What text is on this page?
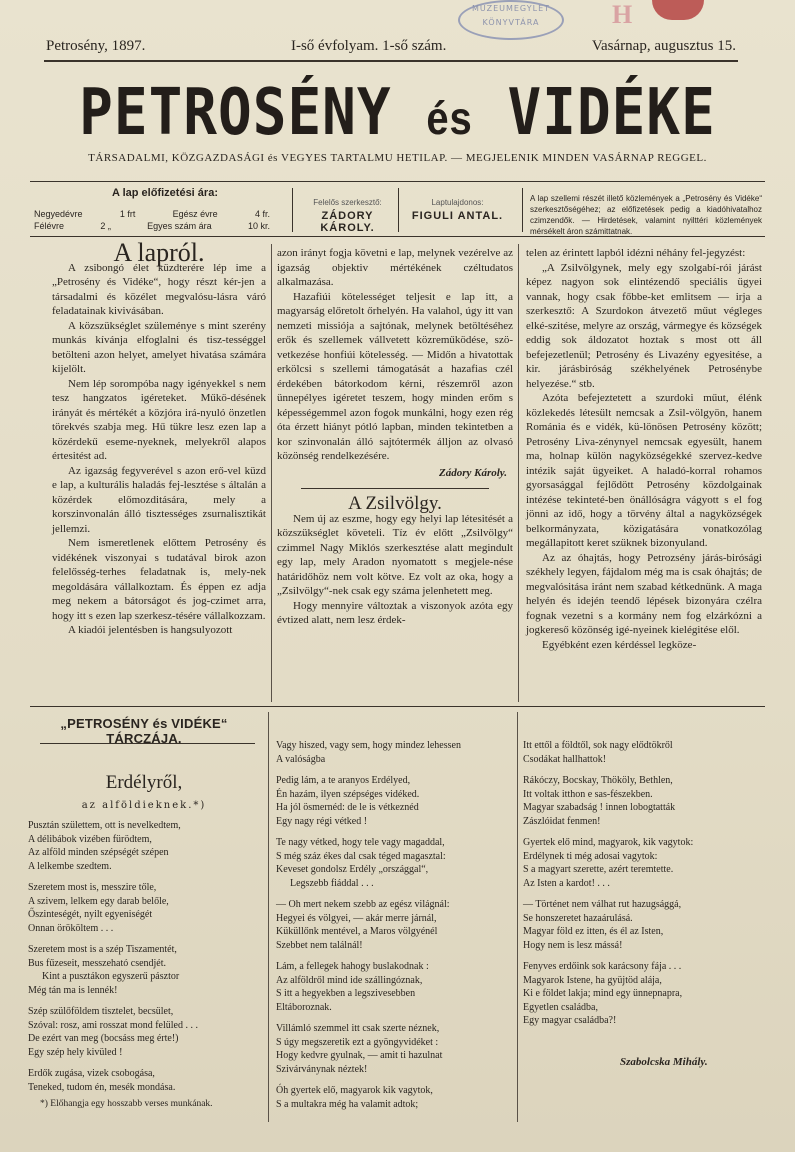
MUZEUMEGYLET KÖNYVTÁRA	H
Petrosény, 1897.	I-ső évfolyam. 1-ső szám.	Vasárnap, augusztus 15.
PETROSÉNY és VIDÉKE
TÁRSADALMI, KÖZGAZDASÁGI és VEGYES TARTALMU HETILAP. — MEGJELENIK MINDEN VASÁRNAP REGGEL.
A lap előfizetési ára:
Negyedévre	1 frt	Egész évre	4 fr.
Félévre	2 „	Egyes szám ára	10 kr.
Felelős szerkesztő:
ZÁDORY KÁROLY.
Laptulajdonos:
FIGULI ANTAL.
A lap szellemi részét illető közlemények a „Petrosény és Vidéke“ szerkesztőségéhez; az előfizetések pedig a kiadóhivatalhoz czimzendők. — Hirdetések, valamint nyilttéri közlemények mérsékelt áron számittatnak.
A lapról.

A zsibongó élet küzdterére lép ime a „Petrosény és Vidéke“, hogy részt kér-jen a társadalmi és közélet megvalósu-lásra váró feladatainak kivivásában.

A közszükséglet szüleménye s mint szerény munkás kívánja elfoglalni és tisz-tességgel betölteni azon helyet, amelyet hivatása számára kijelölt.

Nem lép sorompóba nagy igényekkel s nem tesz hangzatos igéreteket. Műkö-désének irányát és mértékét a közjóra irá-nyuló önzetlen törekvés szabja meg. Hű tükre lesz ezen lap a közérdekű eseme-nyeknek, melyekről alapos értesitést ad.

Az igazság fegyverével s azon erő-vel küzd e lap, a kulturális haladás fej-lesztése s általán a közérdek előmozditására, mely a korszinvonalán álló tisztességes zsurnalisztikát jellemzi.

Nem ismeretlenek előttem Petrosény és vidékének viszonyai s tudatával birok azon felelősség-terhes feladatnak is, mely-nek megoldására vállalkoztam. És éppen ez adja meg nekem a bátorságot és jog-czimet arra, hogy itt s ezen lap szerkesz-tésére vállalkozzam.

A kiadói jelentésben is hangsulyozott

azon irányt fogja követni e lap, melynek vezérelve az igazság objektiv mértékének czéltudatos alkalmazása.

Hazafiúi kötelességet teljesit e lap itt, a magyarság előretolt őrhelyén. Ha valahol, úgy itt van nemzeti missiója a sajtónak, melynek betöltéséhez erők és szellemek vállvetett közreműködése, szö-vetkezése honfiúi kötelesség. — Midőn a hivatottak erkölcsi s szellemi támogatását a hazafias czél érdekében bátorkodom kérni, részemről azon ünnepélyes igéretet teszem, hogy minden erőm s képességemmel azon fogok munkálni, hogy ezen rég óta érzett hiányt pótló lapban, minden tekintetben a kor szinvonalán álló sajtótermék álljon az olvasó közönség rendelkezésére.

Zádory Károly.
A Zsilvölgy.

Nem új az eszme, hogy egy helyi lap létesitését a közszükséglet követeli. Tíz év előtt „Zsilvölgy“ czimmel Nagy Miklós szerkesztése alatt megindult egy lap, mely Aradon nyomatott s megjele-nése határidőhöz nem volt kötve. Ez volt az oka, hogy a „Zsilvölgy“-nek csak egy száma jelenhetett meg.

Hogy mennyire változtak a viszonyok azóta egy évtized alatt, nem lesz érdek-

telen az érintett lapból idézni néhány fel-jegyzést:

„A Zsilvölgynek, mely egy szolgabí-rói járást képez nagyon sok elintézendő speciális ügyei vannak, hogy csak főbbe-ket emlitsem — irja a szerkesztő: A Szurdokon átvezető műut végleges elké-szitése, melyre az ország, vármegye és községek eddig sok áldozatot hoztak s most ott áll befejezetlenül; Petrosény és Livazény egyesitése, a kir. járásbiróság székhelyének Petrosénybe helyezése.“ stb.

Azóta befejeztetett a szurdoki műut, élénk közlekedés létesült nemcsak a Zsil-völgyön, hanem Románia és e vidék, kü-lönösen Petrosény között; Petrosény Liva-zénynyel nemcsak egyesült, hanem ma, holnap külön nagyközségekké szervez-kedve intézik saját ügyeiket. A haladó-korral rohamos gyorsasággal fejlődött Petrosény közdolgainak intézése tekinteté-ben önállóságra vágyott s el fog jönni az idő, hogy a törvény által a nagyközségek belkormányzata, közigatására vonatkozólag megállapitott keret szüknek bizonyuland.

Az az óhajtás, hogy Petrozsény járás-birósági székhely legyen, fájdalom még ma is csak óhajtás; de megvalósitása iránt nem szabad kétkednünk. A maga helyén és idején teendő lépések bizonyára czélra fognak vezetni s a kormány nem fog elzárkózni a jogkereső közönség igé-nyeinek kielégitése elől.

Egyébként ezen kérdéssel legköze-

„PETROSÉNY és VIDÉKE“ TÁRCZÁJA.
Erdélyről,
az alföldieknek.*)
Pusztán születtem, ott is nevelkedtem,
A délibábok vizében fürödtem,
Az alföld minden szépségét szépen
A lelkembe szedtem.
Szeretem most is, messzire tőle,
A szivem, lelkem egy darab belőle,
Őszinteségét, nyilt egyeniségét
Onnan örököltem . . .
Szeretem most is a szép Tiszamentét,
Bus fűzeseit, messzeható csendjét.
Kint a pusztákon egyszerű pásztor
Még tán ma is lennék!
Szép szülőföldem tisztelet, becsület,
Szóval: rosz, ami rosszat mond felüled . . .
De ezért van meg (bocsáss meg érte!)
Egy szép hely kivüled !
Erdők zugása, vizek csobogása,
Teneked, tudom én, mesék mondása.
Vagy hiszed, vagy sem, hogy mindez lehessen
A valóságba
Pedig lám, a te aranyos Erdélyed,
Én hazám, ilyen szépséges vidéked.
Ha jól ösmernéd: de le is vétkeznéd
Egy nagy régi vétked !
Te nagy vétked, hogy tele vagy magaddal,
S még száz ékes dal csak téged magasztal:
Keveset gondolsz Erdély „országgal“,
Legszebb fiáddal . . .
— Oh mert nekem szebb az egész világnál:
Hegyei és völgyei, — akár merre járnál,
Küküllőnk mentével, a Maros völgyénél
Szebbet nem találnál!
Lám, a fellegek hahogy buslakodnak :
Az alföldről mind ide szállingóznak,
S itt a hegyekben a legszivesebben
Eltáboroznak.
Villámló szemmel itt csak szerte néznek,
S úgy megszeretik ezt a gyöngyvidéket :
Hogy kedvre gyulnak, — amit ti hazulnat
Szivárványnak néztek!
Óh gyertek elő, magyarok kik vagytok,
S a multakra még ha valamit adtok;
Itt ettől a földtől, sok nagy elődtökről
Csodákat hallhattok!
Rákóczy, Bocskay, Thököly, Bethlen,
Itt voltak itthon e sas-fészekben.
Magyar szabadság ! innen lobogtatták
Zászlóidat fenmen!
Gyertek elő mind, magyarok, kik vagytok:
Erdélynek ti még adosai vagytok:
S a magyart szerette, azért teremtette.
Az Isten a kardot! . . .
— Történet nem válhat rut hazugsággá,
Se honszeretet hazaárulásá.
Magyar föld ez itten, és él az Isten,
Hogy nem is lesz mássá!
Fenyves erdőink sok karácsony fája . . .
Magyarok Istene, ha gyüjtöd alája,
Ki e földet lakja; mind egy ünnepnapra,
Egyetlen családba,
Egy magyar családba?!
Szabolcska Mihály.
*) Előhangja egy hosszabb verses munkának.
